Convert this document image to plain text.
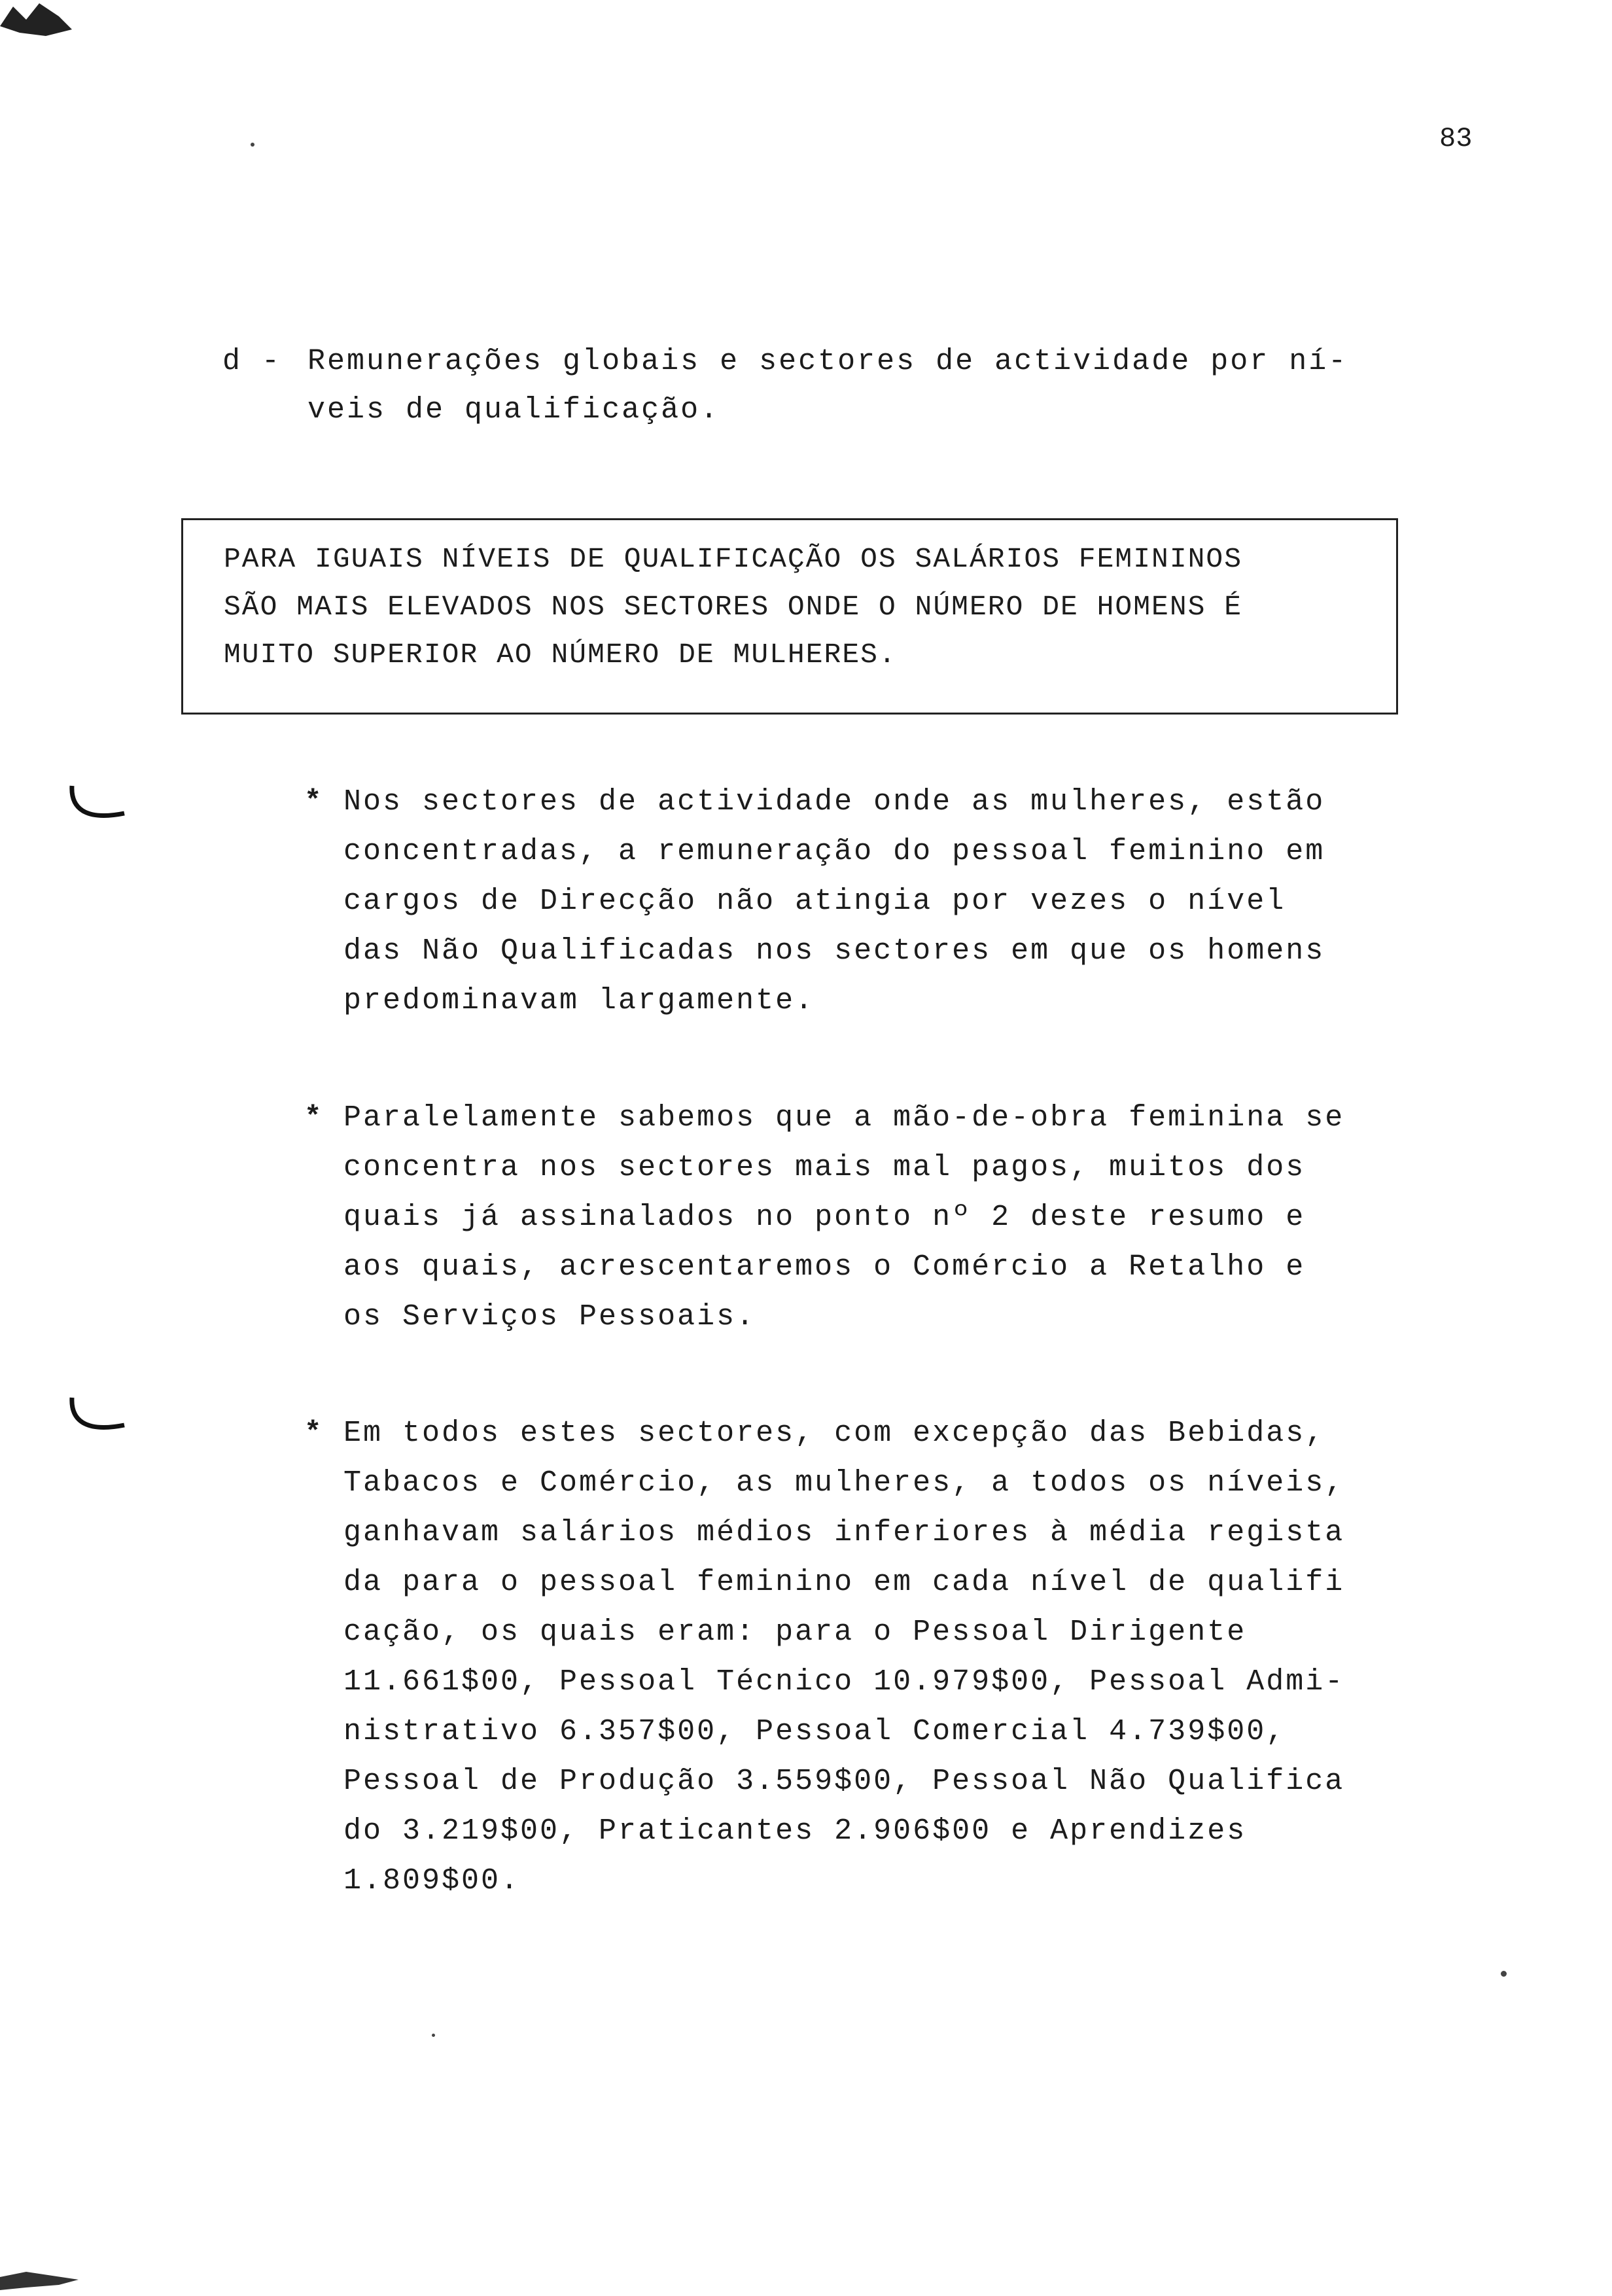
83
d - Remunerações globais e sectores de actividade por ní-
veis de qualificação.
PARA IGUAIS NÍVEIS DE QUALIFICAÇÃO OS SALÁRIOS FEMININOS
SÃO MAIS ELEVADOS NOS SECTORES ONDE O NÚMERO DE HOMENS É
MUITO SUPERIOR AO NÚMERO DE MULHERES.
* Nos sectores de actividade onde as mulheres, estão
concentradas, a remuneração do pessoal feminino em
cargos de Direcção não atingia por vezes o nível
das Não Qualificadas nos sectores em que os homens
predominavam largamente.
* Paralelamente sabemos que a mão-de-obra feminina se
concentra nos sectores mais mal pagos, muitos dos
quais já assinalados no ponto nº 2 deste resumo e
aos quais, acrescentaremos o Comércio a Retalho e
os Serviços Pessoais.
* Em todos estes sectores, com excepção das Bebidas,
Tabacos e Comércio, as mulheres, a todos os níveis,
ganhavam salários médios inferiores à média regista
da para o pessoal feminino em cada nível de qualifi
cação, os quais eram: para o Pessoal Dirigente
11.661$00, Pessoal Técnico 10.979$00, Pessoal Admi-
nistrativo 6.357$00, Pessoal Comercial 4.739$00,
Pessoal de Produção 3.559$00, Pessoal Não Qualifica
do 3.219$00, Praticantes 2.906$00 e Aprendizes
1.809$00.
